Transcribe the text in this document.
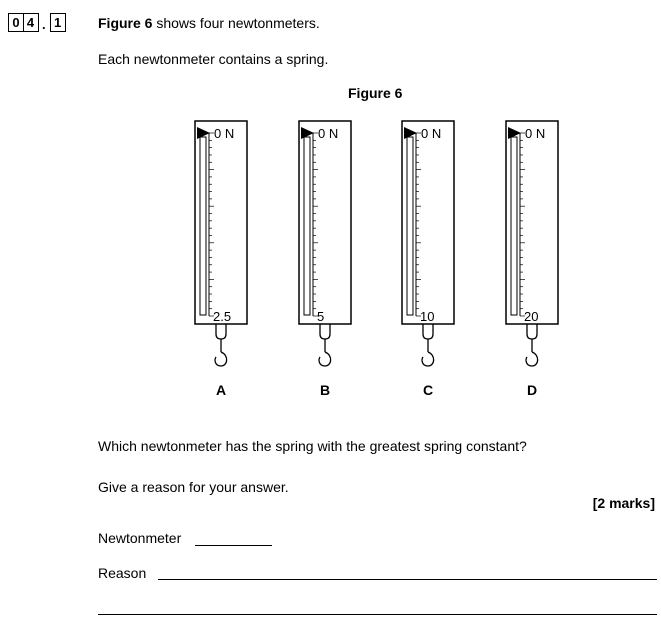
0 4 . 1	Figure 6 shows four newtonmeters.
Each newtonmeter contains a spring.
Figure 6
0 N
2.5
A
0 N
5
B
0 N
10
C
0 N
20
D
Which newtonmeter has the spring with the greatest spring constant?
Give a reason for your answer.
[2 marks]
Newtonmeter
Reason
